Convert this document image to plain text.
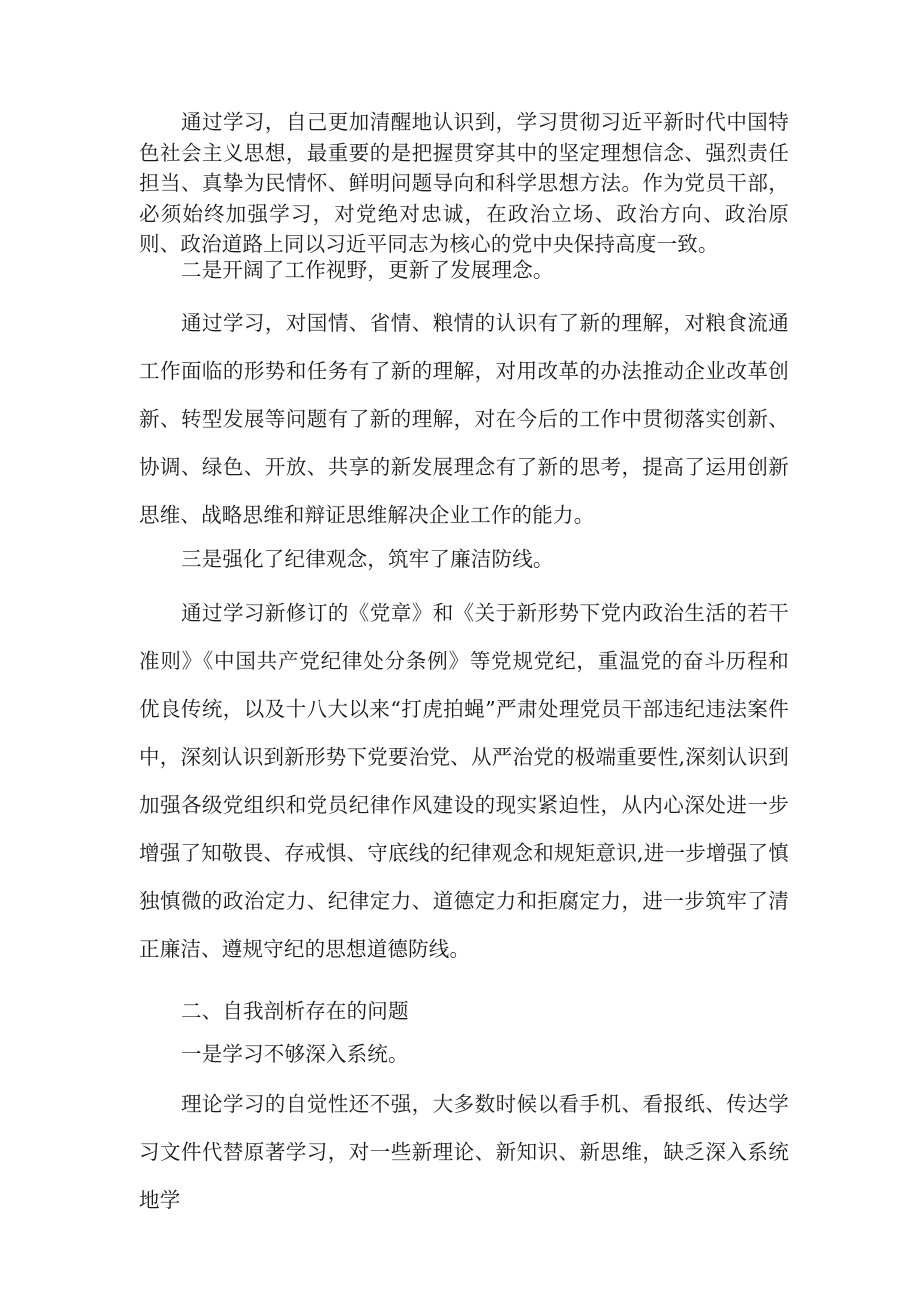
通过学习，自己更加清醒地认识到，学习贯彻习近平新时代中国特色社会主义思想，最重要的是把握贯穿其中的坚定理想信念、强烈责任担当、真挚为民情怀、鲜明问题导向和科学思想方法。作为党员干部，必须始终加强学习，对党绝对忠诚，在政治立场、政治方向、政治原则、政治道路上同以习近平同志为核心的党中央保持高度一致。

二是开阔了工作视野，更新了发展理念。

通过学习，对国情、省情、粮情的认识有了新的理解，对粮食流通工作面临的形势和任务有了新的理解，对用改革的办法推动企业改革创新、转型发展等问题有了新的理解，对在今后的工作中贯彻落实创新、协调、绿色、开放、共享的新发展理念有了新的思考，提高了运用创新思维、战略思维和辩证思维解决企业工作的能力。

三是强化了纪律观念，筑牢了廉洁防线。

通过学习新修订的《党章》和《关于新形势下党内政治生活的若干准则》《中国共产党纪律处分条例》等党规党纪，重温党的奋斗历程和优良传统，以及十八大以来“打虎拍蝇”严肃处理党员干部违纪违法案件中，深刻认识到新形势下党要治党、从严治党的极端重要性,深刻认识到加强各级党组织和党员纪律作风建设的现实紧迫性，从内心深处进一步增强了知敬畏、存戒惧、守底线的纪律观念和规矩意识,进一步增强了慎独慎微的政治定力、纪律定力、道德定力和拒腐定力，进一步筑牢了清正廉洁、遵规守纪的思想道德防线。

二、自我剖析存在的问题

一是学习不够深入系统。

理论学习的自觉性还不强，大多数时候以看手机、看报纸、传达学习文件代替原著学习，对一些新理论、新知识、新思维，缺乏深入系统地学
